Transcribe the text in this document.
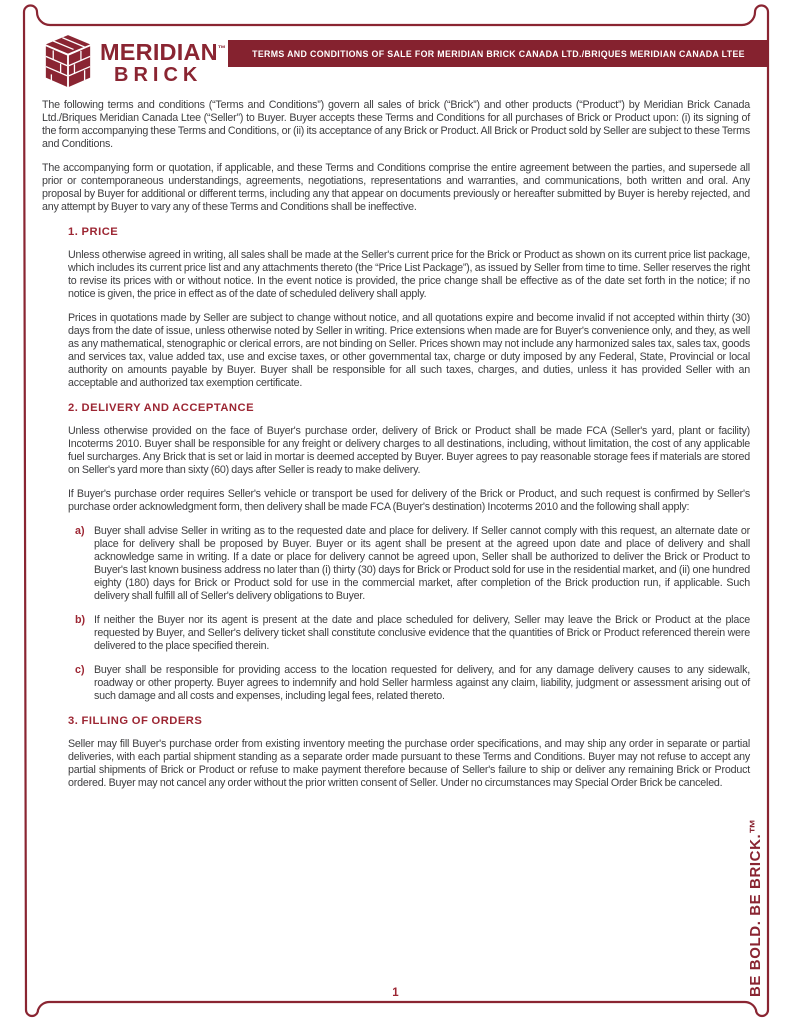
MERIDIAN™
BRICK
TERMS AND CONDITIONS OF SALE FOR MERIDIAN BRICK CANADA LTD./BRIQUES MERIDIAN CANADA LTEE

The following terms and conditions (“Terms and Conditions”) govern all sales of brick (“Brick”) and other products (“Product”) by Meridian Brick Canada Ltd./Briques Meridian Canada Ltee (“Seller”) to Buyer. Buyer accepts these Terms and Conditions for all purchases of Brick or Product upon: (i) its signing of the form accompanying these Terms and Conditions, or (ii) its acceptance of any Brick or Product. All Brick or Product sold by Seller are subject to these Terms and Conditions.

The accompanying form or quotation, if applicable, and these Terms and Conditions comprise the entire agreement between the parties, and supersede all prior or contemporaneous understandings, agreements, negotiations, representations and warranties, and communications, both written and oral. Any proposal by Buyer for additional or different terms, including any that appear on documents previously or hereafter submitted by Buyer is hereby rejected, and any attempt by Buyer to vary any of these Terms and Conditions shall be ineffective.

1. PRICE

Unless otherwise agreed in writing, all sales shall be made at the Seller's current price for the Brick or Product as shown on its current price list package, which includes its current price list and any attachments thereto (the “Price List Package”), as issued by Seller from time to time. Seller reserves the right to revise its prices with or without notice. In the event notice is provided, the price change shall be effective as of the date set forth in the notice; if no notice is given, the price in effect as of the date of scheduled delivery shall apply.

Prices in quotations made by Seller are subject to change without notice, and all quotations expire and become invalid if not accepted within thirty (30) days from the date of issue, unless otherwise noted by Seller in writing. Price extensions when made are for Buyer's convenience only, and they, as well as any mathematical, stenographic or clerical errors, are not binding on Seller. Prices shown may not include any harmonized sales tax, sales tax, goods and services tax, value added tax, use and excise taxes, or other governmental tax, charge or duty imposed by any Federal, State, Provincial or local authority on amounts payable by Buyer. Buyer shall be responsible for all such taxes, charges, and duties, unless it has provided Seller with an acceptable and authorized tax exemption certificate.

2. DELIVERY AND ACCEPTANCE

Unless otherwise provided on the face of Buyer's purchase order, delivery of Brick or Product shall be made FCA (Seller's yard, plant or facility) Incoterms 2010. Buyer shall be responsible for any freight or delivery charges to all destinations, including, without limitation, the cost of any applicable fuel surcharges. Any Brick that is set or laid in mortar is deemed accepted by Buyer. Buyer agrees to pay reasonable storage fees if materials are stored on Seller's yard more than sixty (60) days after Seller is ready to make delivery.

If Buyer's purchase order requires Seller's vehicle or transport be used for delivery of the Brick or Product, and such request is confirmed by Seller's purchase order acknowledgment form, then delivery shall be made FCA (Buyer's destination) Incoterms 2010 and the following shall apply:

a) Buyer shall advise Seller in writing as to the requested date and place for delivery. If Seller cannot comply with this request, an alternate date or place for delivery shall be proposed by Buyer. Buyer or its agent shall be present at the agreed upon date and place of delivery and shall acknowledge same in writing. If a date or place for delivery cannot be agreed upon, Seller shall be authorized to deliver the Brick or Product to Buyer's last known business address no later than (i) thirty (30) days for Brick or Product sold for use in the residential market, and (ii) one hundred eighty (180) days for Brick or Product sold for use in the commercial market, after completion of the Brick production run, if applicable. Such delivery shall fulfill all of Seller's delivery obligations to Buyer.
b) If neither the Buyer nor its agent is present at the date and place scheduled for delivery, Seller may leave the Brick or Product at the place requested by Buyer, and Seller's delivery ticket shall constitute conclusive evidence that the quantities of Brick or Product referenced therein were delivered to the place specified therein.
c) Buyer shall be responsible for providing access to the location requested for delivery, and for any damage delivery causes to any sidewalk, roadway or other property. Buyer agrees to indemnify and hold Seller harmless against any claim, liability, judgment or assessment arising out of such damage and all costs and expenses, including legal fees, related thereto.
3. FILLING OF ORDERS

Seller may fill Buyer's purchase order from existing inventory meeting the purchase order specifications, and may ship any order in separate or partial deliveries, with each partial shipment standing as a separate order made pursuant to these Terms and Conditions. Buyer may not refuse to accept any partial shipments of Brick or Product or refuse to make payment therefore because of Seller's failure to ship or deliver any remaining Brick or Product ordered. Buyer may not cancel any order without the prior written consent of Seller. Under no circumstances may Special Order Brick be canceled.

1	BE BOLD. BE BRICK.™
